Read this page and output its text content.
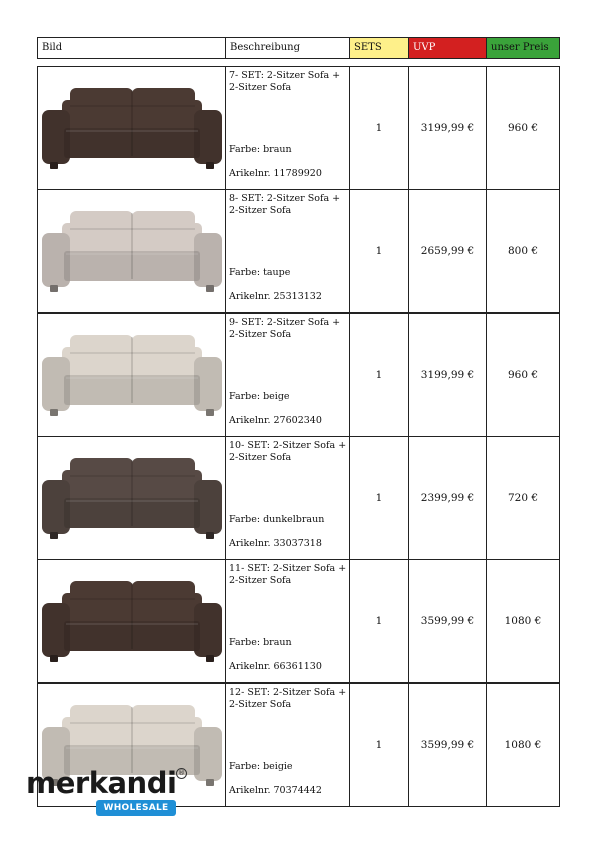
Bild	Beschreibung	SETS	UVP	unser Preis
7- SET: 2-Sitzer Sofa + 2-Sitzer Sofa
Farbe: braun
Arikelnr. 11789920
1	3199,99 €	960 €
8- SET: 2-Sitzer Sofa + 2-Sitzer Sofa
Farbe: taupe
Arikelnr. 25313132
1	2659,99 €	800 €
9- SET: 2-Sitzer Sofa + 2-Sitzer Sofa
Farbe: beige
Arikelnr. 27602340
1	3199,99 €	960 €
10- SET: 2-Sitzer Sofa + 2-Sitzer Sofa
Farbe: dunkelbraun
Arikelnr. 33037318
1	2399,99 €	720 €
11- SET: 2-Sitzer Sofa + 2-Sitzer Sofa
Farbe: braun
Arikelnr. 66361130
1	3599,99 €	1080 €
12- SET: 2-Sitzer Sofa + 2-Sitzer Sofa
Farbe: beigie
Arikelnr. 70374442
1	3599,99 €	1080 €
merkandi ®
WHOLESALE
